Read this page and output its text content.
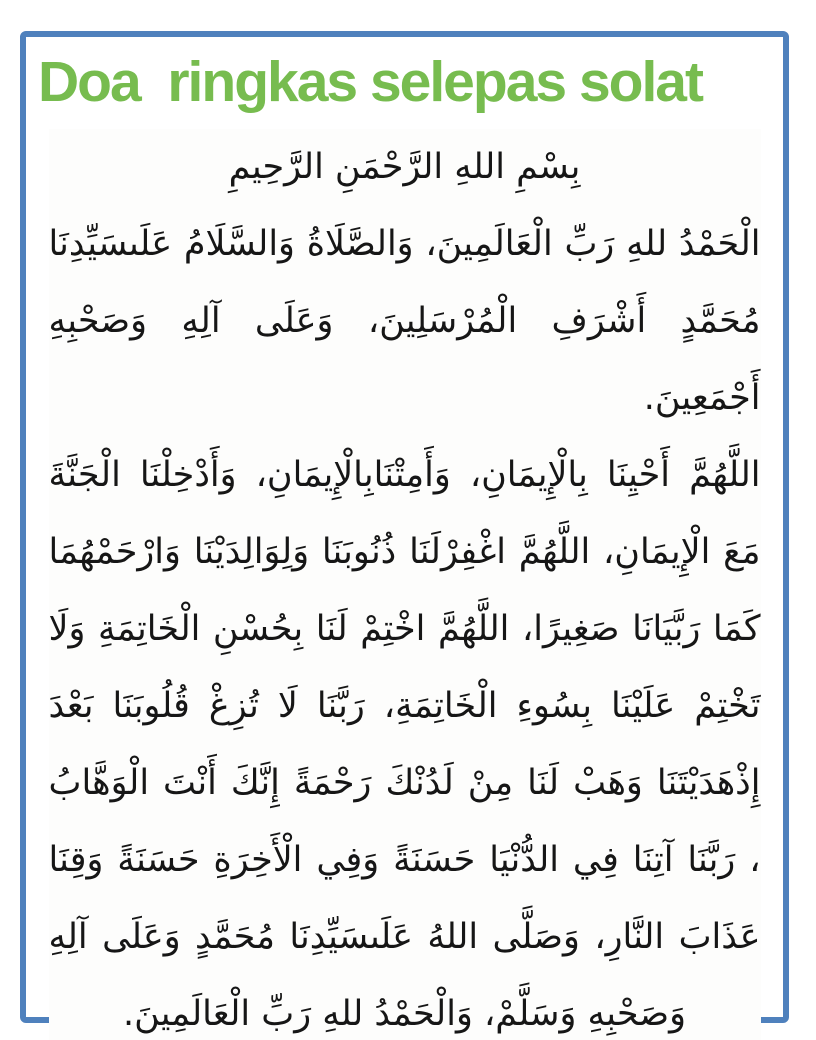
Doa  ringkas selepas solat
بِسْمِ اللهِ الرَّحْمَنِ الرَّحِيمِ
الْحَمْدُ للهِ رَبِّ الْعَالَمِينَ، وَالصَّلَاةُ وَالسَّلَامُ عَلَىسَيِّدِنَا
مُحَمَّدٍ أَشْرَفِ الْمُرْسَلِينَ، وَعَلَى آلِهِ وَصَحْبِهِ أَجْمَعِينَ.
اللَّهُمَّ أَحْيِنَا بِالْإِيمَانِ، وَأَمِتْنَابِالْإِيمَانِ، وَأَدْخِلْنَا الْجَنَّةَ
مَعَ الْإِيمَانِ، اللَّهُمَّ اغْفِرْلَنَا ذُنُوبَنَا وَلِوَالِدَيْنَا وَارْحَمْهُمَا
كَمَا رَبَّيَانَا صَغِيرًا، اللَّهُمَّ اخْتِمْ لَنَا بِحُسْنِ الْخَاتِمَةِ وَلَا
تَخْتِمْ عَلَيْنَا بِسُوءِ الْخَاتِمَةِ، رَبَّنَا لَا تُزِغْ قُلُوبَنَا بَعْدَ
إِذْهَدَيْتَنَا وَهَبْ لَنَا مِنْ لَدُنْكَ رَحْمَةً إِنَّكَ أَنْتَ الْوَهَّابُ
، رَبَّنَا آتِنَا فِي الدُّنْيَا حَسَنَةً وَفِي الْأَخِرَةِ حَسَنَةً وَقِنَا
عَذَابَ النَّارِ، وَصَلَّى اللهُ عَلَىسَيِّدِنَا مُحَمَّدٍ وَعَلَى آلِهِ
وَصَحْبِهِ وَسَلَّمْ، وَالْحَمْدُ للهِ رَبِّ الْعَالَمِينَ.
